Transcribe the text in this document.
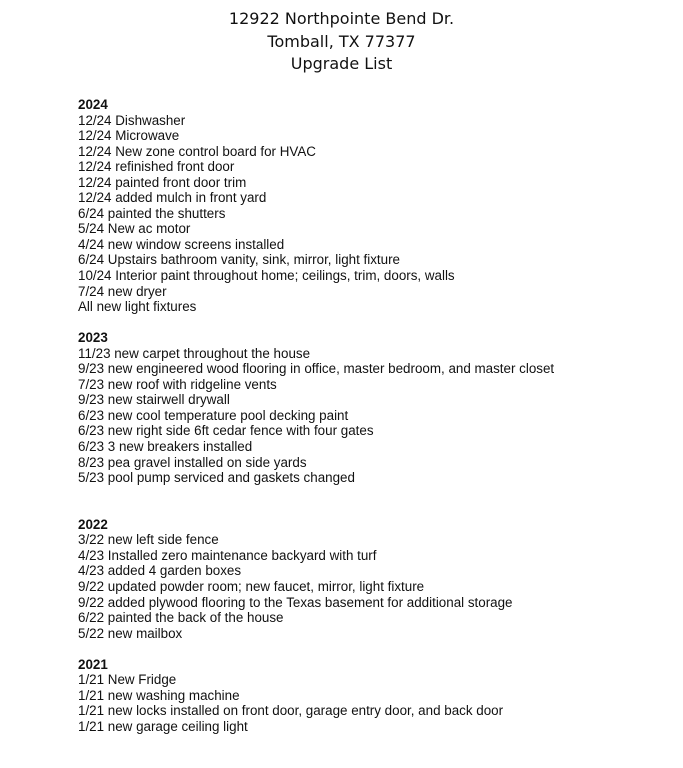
12922 Northpointe Bend Dr.
Tomball, TX 77377
Upgrade List
2024
12/24 Dishwasher
12/24 Microwave
12/24 New zone control board for HVAC
12/24 refinished front door
12/24 painted front door trim
12/24 added mulch in front yard
6/24 painted the shutters
5/24 New ac motor
4/24 new window screens installed
6/24 Upstairs bathroom vanity, sink, mirror, light fixture
10/24 Interior paint throughout home; ceilings, trim, doors, walls
7/24 new dryer
All new light fixtures
2023
11/23 new carpet throughout the house
9/23 new engineered wood flooring in office, master bedroom, and master closet
7/23 new roof with ridgeline vents
9/23 new stairwell drywall
6/23 new cool temperature pool decking paint
6/23 new right side 6ft cedar fence with four gates
6/23 3 new breakers installed
8/23 pea gravel installed on side yards
5/23 pool pump serviced and gaskets changed
2022
3/22 new left side fence
4/23 Installed zero maintenance backyard with turf
4/23 added 4 garden boxes
9/22 updated powder room; new faucet, mirror, light fixture
9/22 added plywood flooring to the Texas basement for additional storage
6/22 painted the back of the house
5/22 new mailbox
2021
1/21 New Fridge
1/21 new washing machine
1/21 new locks installed on front door, garage entry door, and back door
1/21 new garage ceiling light
